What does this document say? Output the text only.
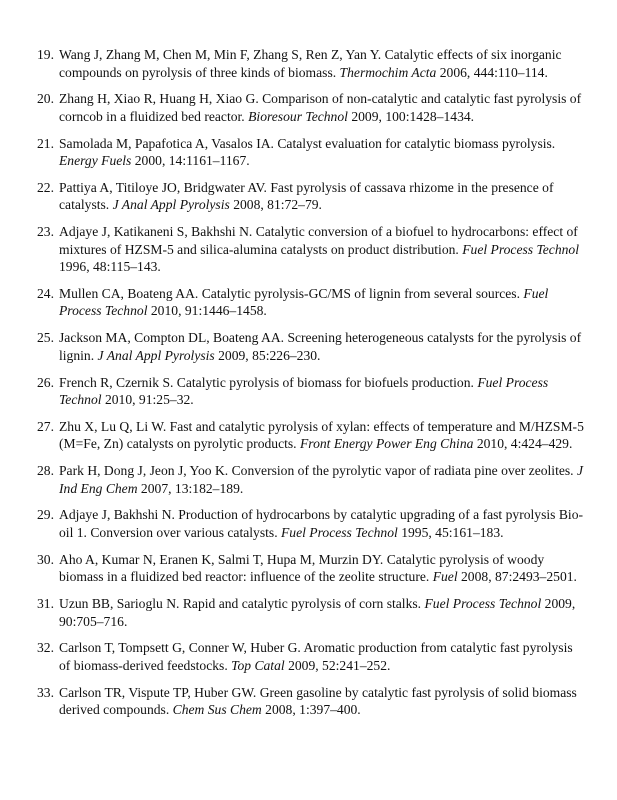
19. Wang J, Zhang M, Chen M, Min F, Zhang S, Ren Z, Yan Y. Catalytic effects of six inorganic compounds on pyrolysis of three kinds of biomass. Thermochim Acta 2006, 444:110–114.
20. Zhang H, Xiao R, Huang H, Xiao G. Comparison of non-catalytic and catalytic fast pyrolysis of corncob in a fluidized bed reactor. Bioresour Technol 2009, 100:1428–1434.
21. Samolada M, Papafotica A, Vasalos IA. Catalyst evaluation for catalytic biomass pyrolysis. Energy Fuels 2000, 14:1161–1167.
22. Pattiya A, Titiloye JO, Bridgwater AV. Fast pyrolysis of cassava rhizome in the presence of catalysts. J Anal Appl Pyrolysis 2008, 81:72–79.
23. Adjaye J, Katikaneni S, Bakhshi N. Catalytic conversion of a biofuel to hydrocarbons: effect of mixtures of HZSM-5 and silica-alumina catalysts on product distribution. Fuel Process Technol 1996, 48:115–143.
24. Mullen CA, Boateng AA. Catalytic pyrolysis-GC/MS of lignin from several sources. Fuel Process Technol 2010, 91:1446–1458.
25. Jackson MA, Compton DL, Boateng AA. Screening heterogeneous catalysts for the pyrolysis of lignin. J Anal Appl Pyrolysis 2009, 85:226–230.
26. French R, Czernik S. Catalytic pyrolysis of biomass for biofuels production. Fuel Process Technol 2010, 91:25–32.
27. Zhu X, Lu Q, Li W. Fast and catalytic pyrolysis of xylan: effects of temperature and M/HZSM-5 (M=Fe, Zn) catalysts on pyrolytic products. Front Energy Power Eng China 2010, 4:424–429.
28. Park H, Dong J, Jeon J, Yoo K. Conversion of the pyrolytic vapor of radiata pine over zeolites. J Ind Eng Chem 2007, 13:182–189.
29. Adjaye J, Bakhshi N. Production of hydrocarbons by catalytic upgrading of a fast pyrolysis Bio-oil 1. Conversion over various catalysts. Fuel Process Technol 1995, 45:161–183.
30. Aho A, Kumar N, Eranen K, Salmi T, Hupa M, Murzin DY. Catalytic pyrolysis of woody biomass in a fluidized bed reactor: influence of the zeolite structure. Fuel 2008, 87:2493–2501.
31. Uzun BB, Sarioglu N. Rapid and catalytic pyrolysis of corn stalks. Fuel Process Technol 2009, 90:705–716.
32. Carlson T, Tompsett G, Conner W, Huber G. Aromatic production from catalytic fast pyrolysis of biomass-derived feedstocks. Top Catal 2009, 52:241–252.
33. Carlson TR, Vispute TP, Huber GW. Green gasoline by catalytic fast pyrolysis of solid biomass derived compounds. Chem Sus Chem 2008, 1:397–400.
